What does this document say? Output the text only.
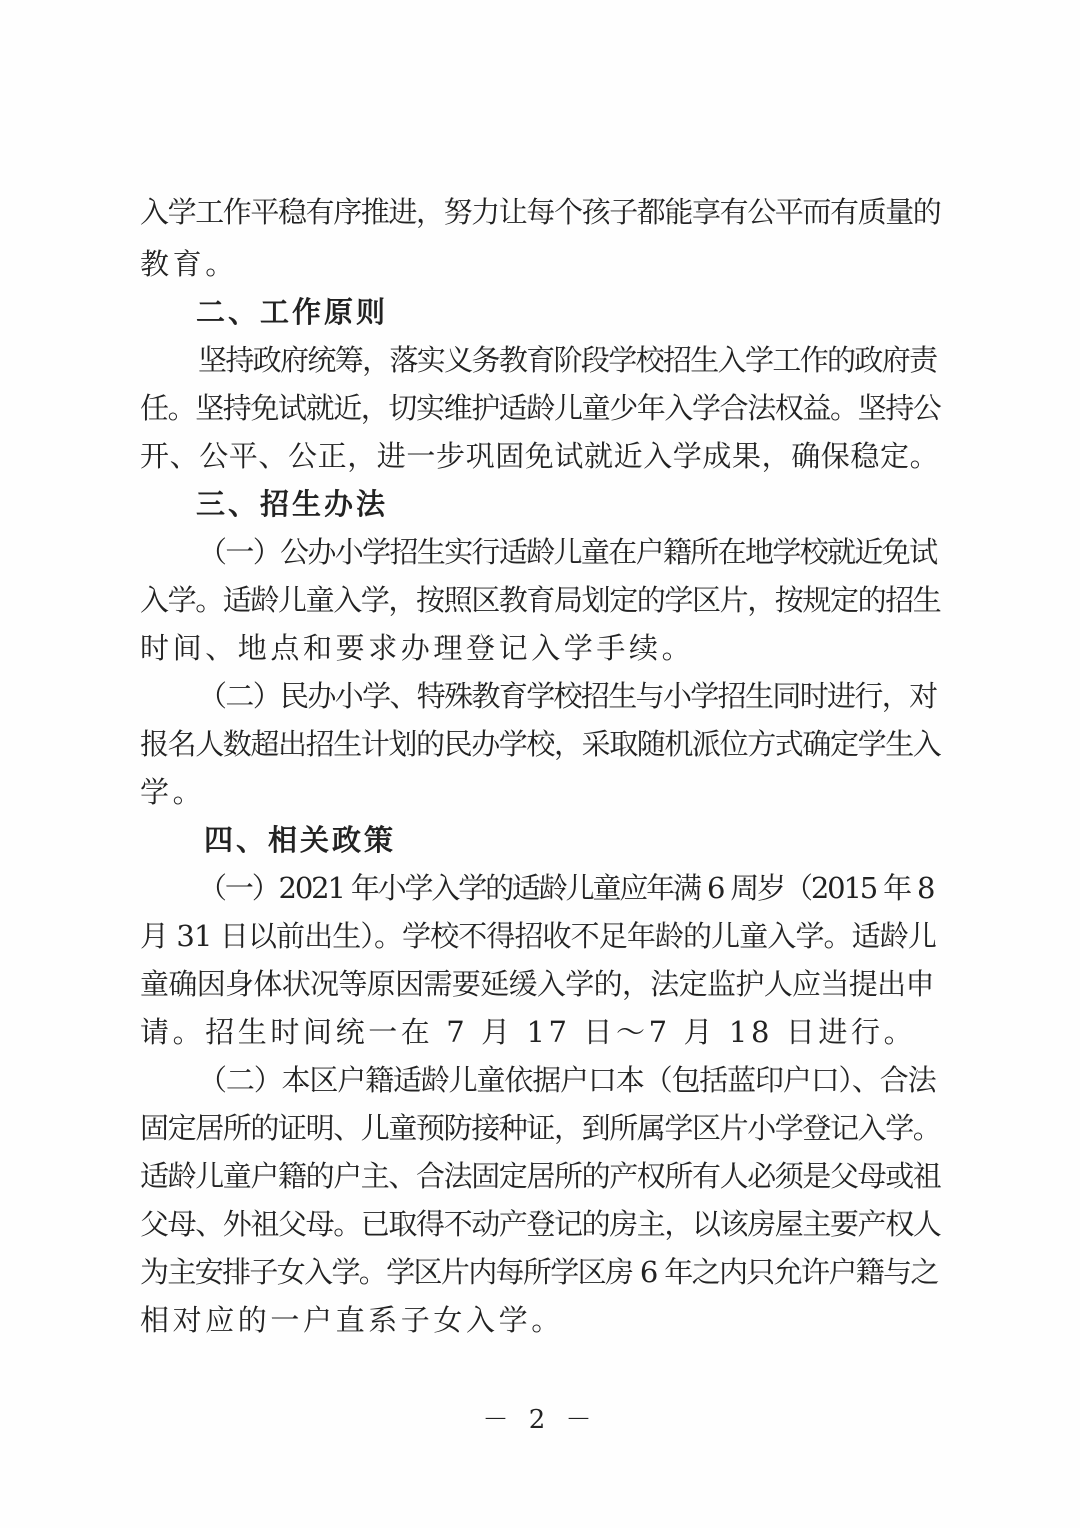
入学工作平稳有序推进，努力让每个孩子都能享有公平而有质量的
教育。
二、工作原则
坚持政府统筹，落实义务教育阶段学校招生入学工作的政府责
任。坚持免试就近，切实维护适龄儿童少年入学合法权益。坚持公
开、公平、公正，进一步巩固免试就近入学成果，确保稳定。
三、招生办法
（一）公办小学招生实行适龄儿童在户籍所在地学校就近免试
入学。适龄儿童入学，按照区教育局划定的学区片，按规定的招生
时间、地点和要求办理登记入学手续。
（二）民办小学、特殊教育学校招生与小学招生同时进行，对
报名人数超出招生计划的民办学校，采取随机派位方式确定学生入
学。
四、相关政策
（一）2021 年小学入学的适龄儿童应年满 6 周岁（2015 年 8
月 31 日以前出生）。学校不得招收不足年龄的儿童入学。适龄儿
童确因身体状况等原因需要延缓入学的，法定监护人应当提出申
请。招生时间统一在 7 月 17 日～7 月 18 日进行。
（二）本区户籍适龄儿童依据户口本（包括蓝印户口）、合法
固定居所的证明、儿童预防接种证，到所属学区片小学登记入学。
适龄儿童户籍的户主、合法固定居所的产权所有人必须是父母或祖
父母、外祖父母。已取得不动产登记的房主，以该房屋主要产权人
为主安排子女入学。学区片内每所学区房 6 年之内只允许户籍与之
相对应的一户直系子女入学。
－ 2 －
